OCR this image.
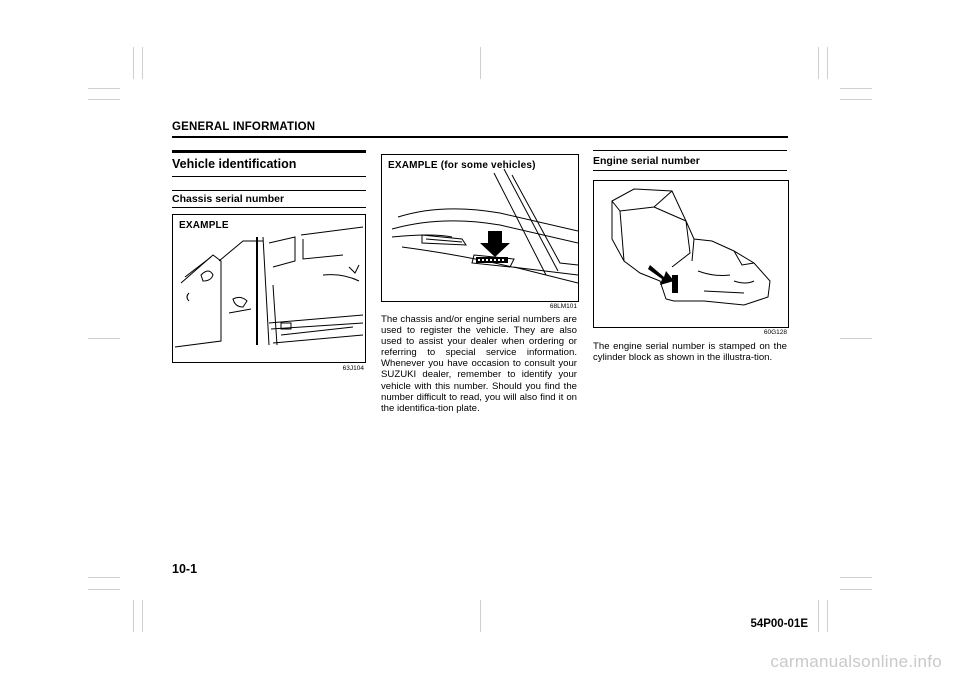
GENERAL INFORMATION
Vehicle identification
Chassis serial number
EXAMPLE
63J104
EXAMPLE (for some vehicles)
68LM101
The chassis and/or engine serial numbers are used to register the vehicle. They are also used to assist your dealer when ordering or referring to special service information. Whenever you have occasion to consult your SUZUKI dealer, remember to identify your vehicle with this number. Should you find the number difficult to read, you will also find it on the identifica-tion plate.
Engine serial number
60G128
The engine serial number is stamped on the cylinder block as shown in the illustra-tion.
10-1
54P00-01E
carmanualsonline.info
